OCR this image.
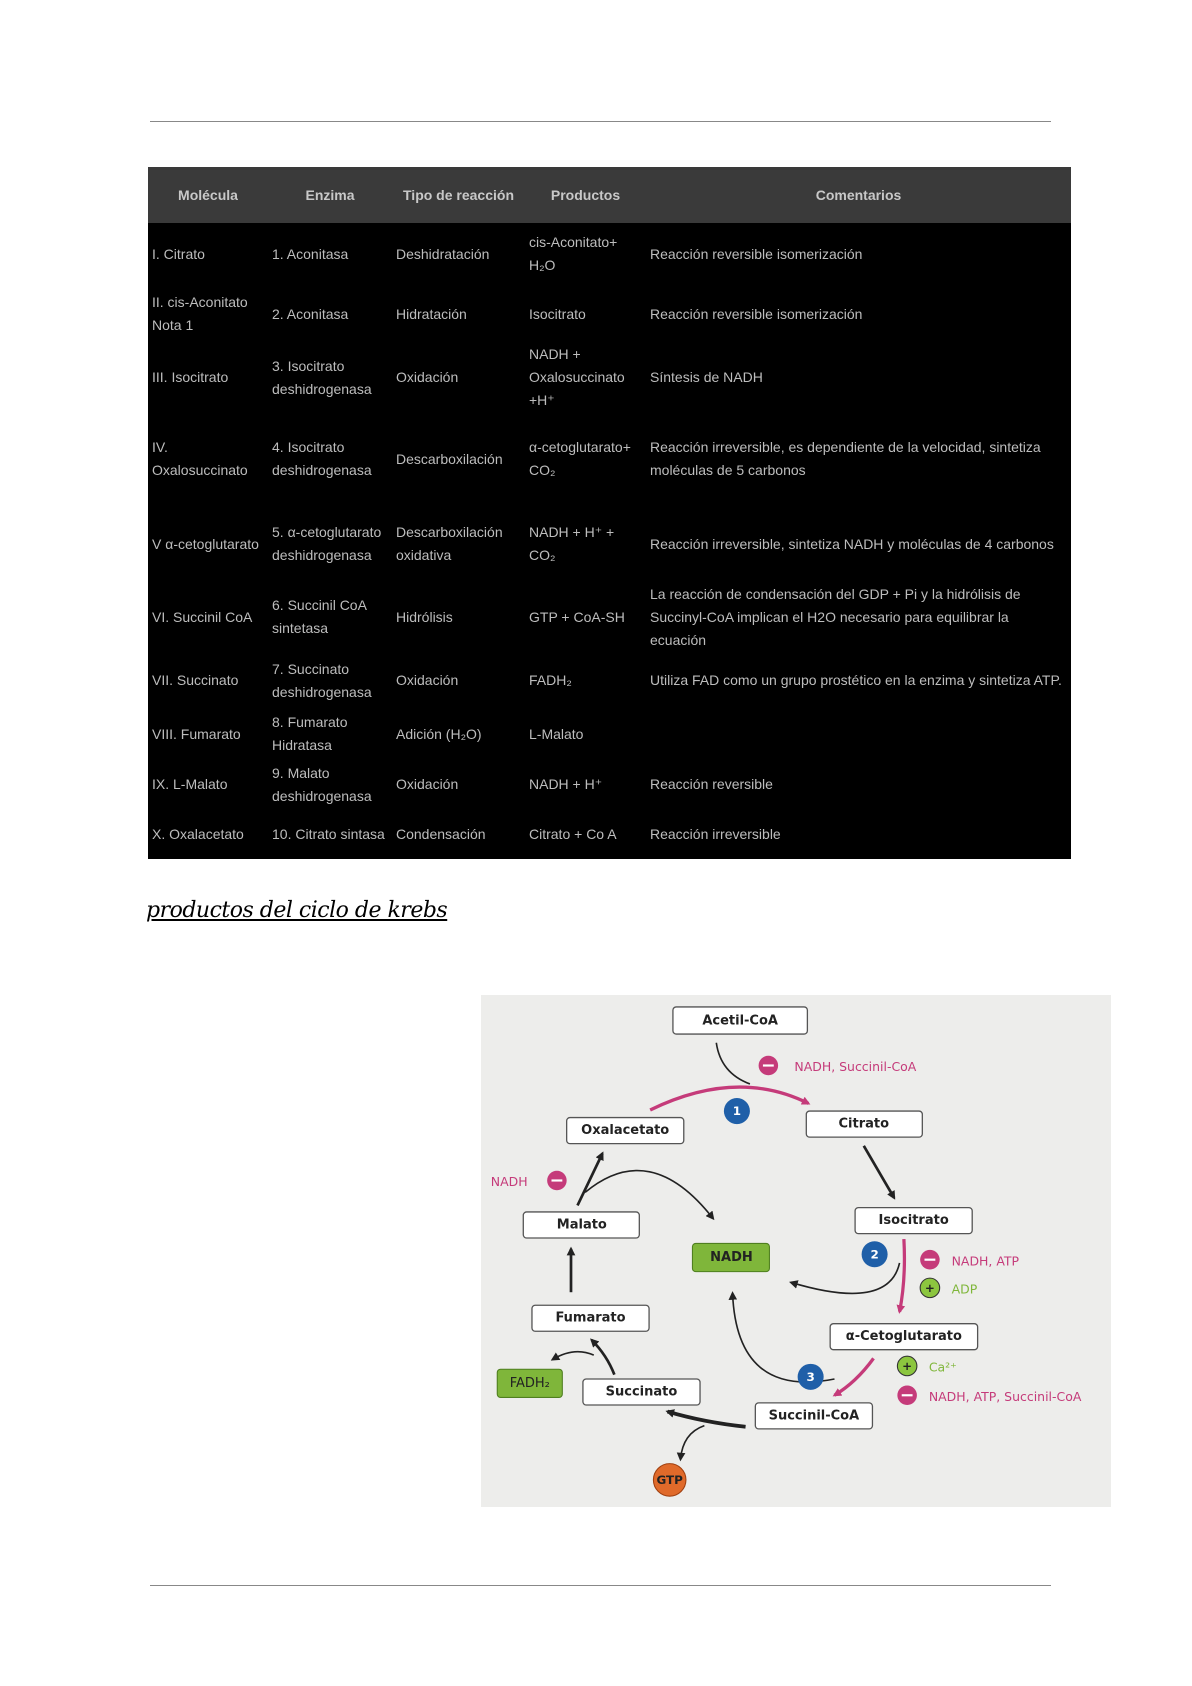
Molécula	Enzima	Tipo de reacción	Productos	Comentarios
I. Citrato	1. Aconitasa	Deshidratación	cis-Aconitato+ H₂O	Reacción reversible isomerización
II. cis-Aconitato Nota 1	2. Aconitasa	Hidratación	Isocitrato	Reacción reversible isomerización
III. Isocitrato	3. Isocitrato deshidrogenasa	Oxidación	NADH + Oxalosuccinato +H⁺	Síntesis de NADH
IV. Oxalosuccinato	4. Isocitrato deshidrogenasa	Descarboxilación	α-cetoglutarato+ CO₂	Reacción irreversible, es dependiente de la velocidad, sintetiza moléculas de 5 carbonos
V α-cetoglutarato	5. α-cetoglutarato deshidrogenasa	Descarboxilación oxidativa	NADH + H⁺ + CO₂	Reacción irreversible, sintetiza NADH y moléculas de 4 carbonos
VI. Succinil CoA	6. Succinil CoA sintetasa	Hidrólisis	GTP + CoA-SH	La reacción de condensación del GDP + Pi y la hidrólisis de Succinyl-CoA implican el H2O necesario para equilibrar la ecuación
VII. Succinato	7. Succinato deshidrogenasa	Oxidación	FADH₂	Utiliza FAD como un grupo prostético en la enzima y sintetiza ATP.
VIII. Fumarato	8. Fumarato Hidratasa	Adición (H₂O)	L-Malato	
IX. L-Malato	9. Malato deshidrogenasa	Oxidación	NADH + H⁺	Reacción reversible
X. Oxalacetato	10. Citrato sintasa	Condensación	Citrato + Co A	Reacción irreversible
productos del ciclo de krebs
Acetil-CoA
Citrato
Isocitrato
α-Cetoglutarato
Succinil-CoA
Succinato
Fumarato
Malato
Oxalacetato
NADH
FADH₂
GTP
1
2
3
NADH, Succinil-CoA
NADH
NADH, ATP
+ ADP
+ Ca²⁺
NADH, ATP, Succinil-CoA
